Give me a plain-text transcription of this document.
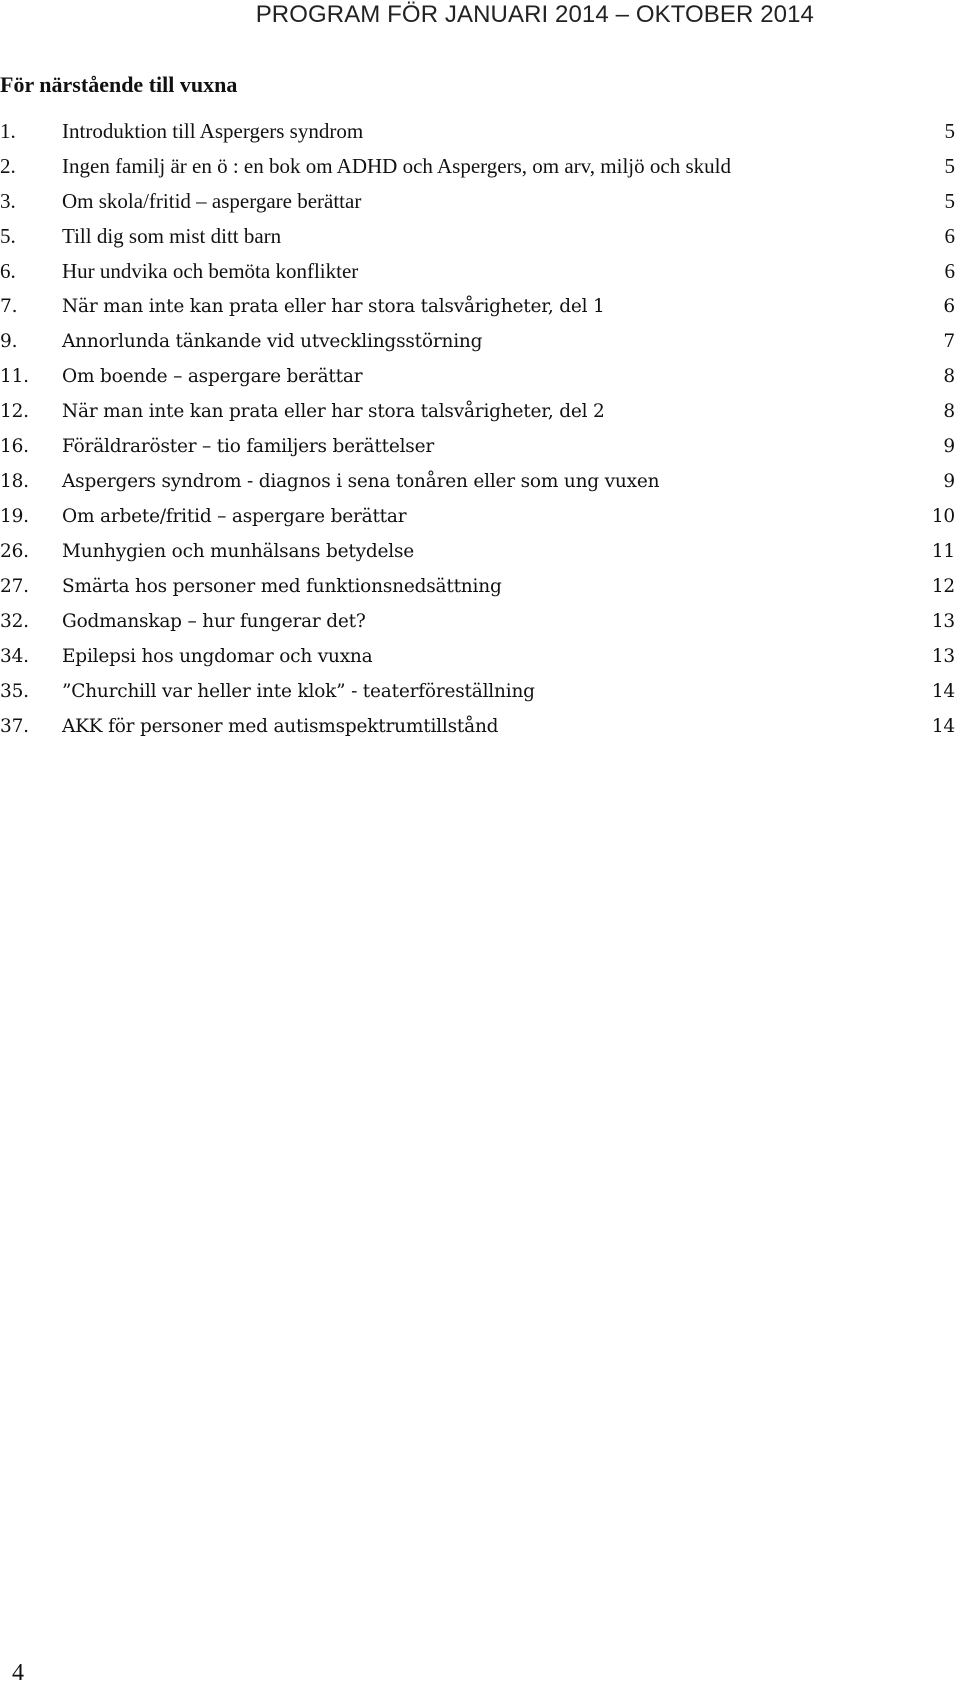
PROGRAM FÖR JANUARI 2014 – OKTOBER 2014
För närstående till vuxna
1.	Introduktion till Aspergers syndrom	5
2.	Ingen familj är en ö : en bok om ADHD och Aspergers, om arv, miljö och skuld	5
3.	Om skola/fritid – aspergare berättar	5
5.	Till dig som mist ditt barn	6
6.	Hur undvika och bemöta konflikter	6
7.	När man inte kan prata eller har stora talsvårigheter, del 1	6
9.	Annorlunda tänkande vid utvecklingsstörning	7
11.	Om boende – aspergare berättar	8
12.	När man inte kan prata eller har stora talsvårigheter, del 2	8
16.	Föräldraröster – tio familjers berättelser	9
18.	Aspergers syndrom - diagnos i sena tonåren eller som ung vuxen	9
19.	Om arbete/fritid – aspergare berättar	10
26.	Munhygien och munhälsans betydelse	11
27.	Smärta hos personer med funktionsnedsättning	12
32.	Godmanskap – hur fungerar det?	13
34.	Epilepsi hos ungdomar och vuxna	13
35.	”Churchill var heller inte klok” - teaterföreställning	14
37.	AKK för personer med autismspektrumtillstånd	14
4
